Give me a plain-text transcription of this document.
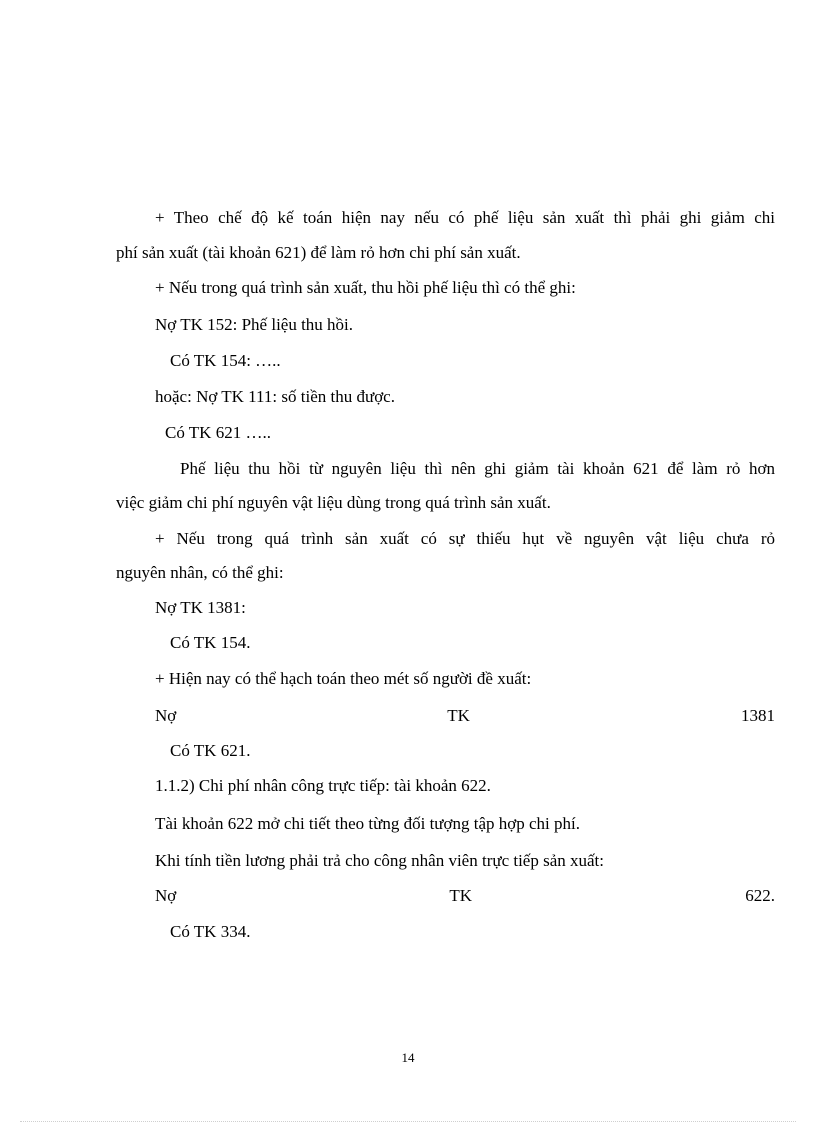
+ Theo chế độ kế toán hiện nay nếu có phế liệu sản xuất thì phải ghi giảm chi
phí sản xuất (tài khoản 621) để làm rỏ hơn chi phí sản xuất.
+ Nếu trong quá trình sản xuất, thu hồi phế liệu thì có thể ghi:
Nợ TK 152: Phế liệu thu hồi.
Có TK 154: …..
hoặc: Nợ TK 111: số tiền thu được.
Có TK 621 …..
Phế liệu thu hồi từ nguyên liệu thì nên ghi giảm tài khoản 621 để làm rỏ hơn
việc giảm chi phí nguyên vật liệu dùng trong quá trình sản xuất.
+ Nếu trong quá trình sản xuất có sự thiếu hụt về nguyên vật liệu chưa rỏ
nguyên nhân, có thể ghi:
Nợ TK 1381:
Có TK 154.
+ Hiện nay có thể hạch toán theo mét số người đề xuất:
Nợ	TK	1381
Có TK 621.
1.1.2) Chi phí nhân công trực tiếp: tài khoản 622.
Tài khoản 622 mở chi tiết theo từng đối tượng tập hợp chi phí.
Khi tính tiền lương phải trả cho công nhân viên trực tiếp sản xuất:
Nợ	TK	622.
Có TK 334.
14
